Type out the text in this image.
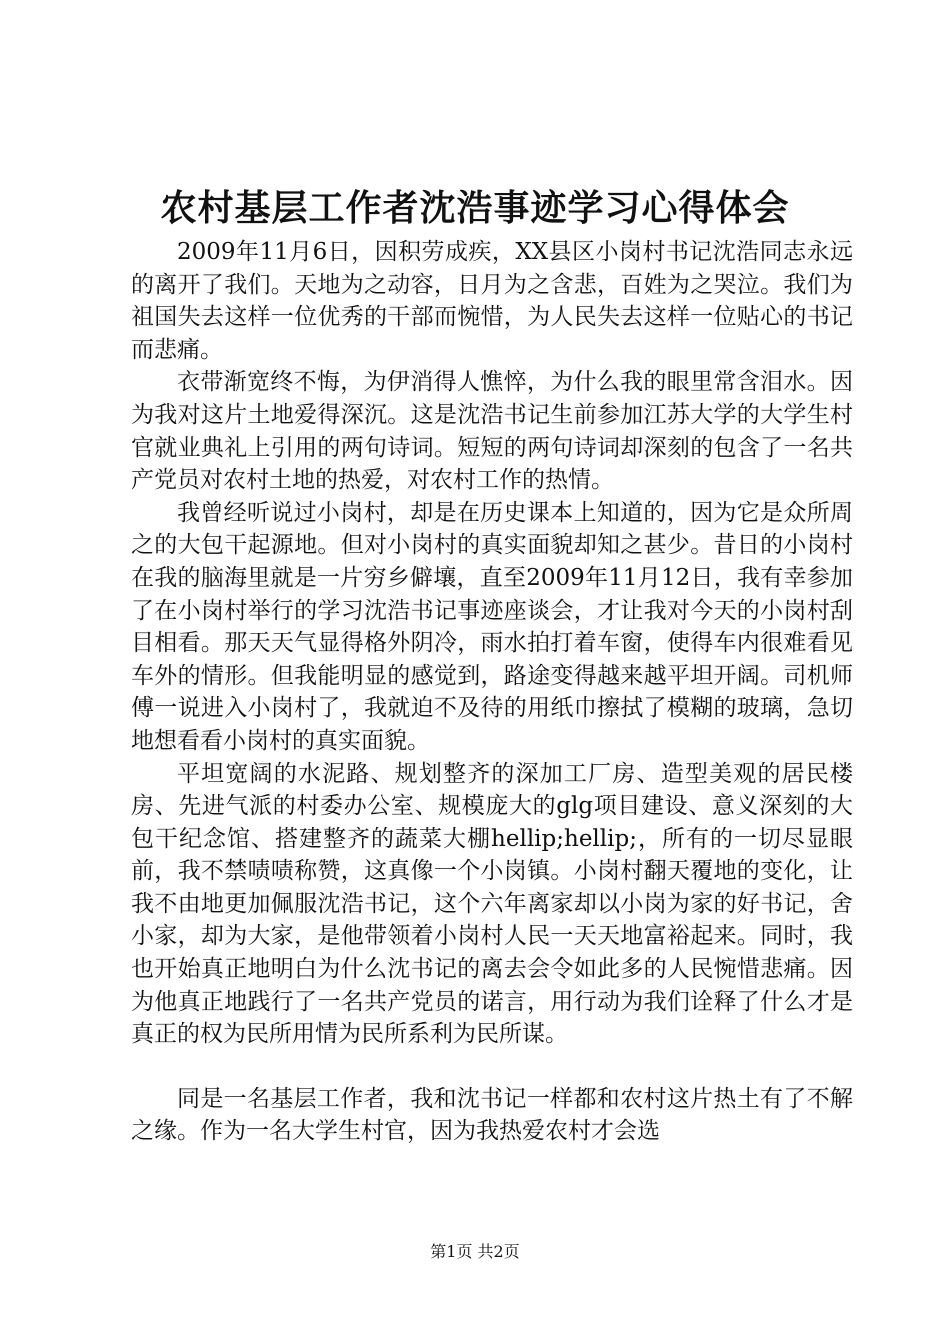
农村基层工作者沈浩事迹学习心得体会

2009年11月6日，因积劳成疾，XX县区小岗村书记沈浩同志永远的离开了我们。天地为之动容，日月为之含悲，百姓为之哭泣。我们为祖国失去这样一位优秀的干部而惋惜，为人民失去这样一位贴心的书记而悲痛。

衣带渐宽终不悔，为伊消得人憔悴，为什么我的眼里常含泪水。因为我对这片土地爱得深沉。这是沈浩书记生前参加江苏大学的大学生村官就业典礼上引用的两句诗词。短短的两句诗词却深刻的包含了一名共产党员对农村土地的热爱，对农村工作的热情。

我曾经听说过小岗村，却是在历史课本上知道的，因为它是众所周之的大包干起源地。但对小岗村的真实面貌却知之甚少。昔日的小岗村在我的脑海里就是一片穷乡僻壤，直至2009年11月12日，我有幸参加了在小岗村举行的学习沈浩书记事迹座谈会，才让我对今天的小岗村刮目相看。那天天气显得格外阴冷，雨水拍打着车窗，使得车内很难看见车外的情形。但我能明显的感觉到，路途变得越来越平坦开阔。司机师傅一说进入小岗村了，我就迫不及待的用纸巾擦拭了模糊的玻璃，急切地想看看小岗村的真实面貌。

平坦宽阔的水泥路、规划整齐的深加工厂房、造型美观的居民楼房、先进气派的村委办公室、规模庞大的glg项目建设、意义深刻的大包干纪念馆、搭建整齐的蔬菜大棚hellip;hellip;，所有的一切尽显眼前，我不禁啧啧称赞，这真像一个小岗镇。小岗村翻天覆地的变化，让我不由地更加佩服沈浩书记，这个六年离家却以小岗为家的好书记，舍小家，却为大家，是他带领着小岗村人民一天天地富裕起来。同时，我也开始真正地明白为什么沈书记的离去会令如此多的人民惋惜悲痛。因为他真正地践行了一名共产党员的诺言，用行动为我们诠释了什么才是真正的权为民所用情为民所系利为民所谋。

同是一名基层工作者，我和沈书记一样都和农村这片热土有了不解之缘。作为一名大学生村官，因为我热爱农村才会选

第1页 共2页
